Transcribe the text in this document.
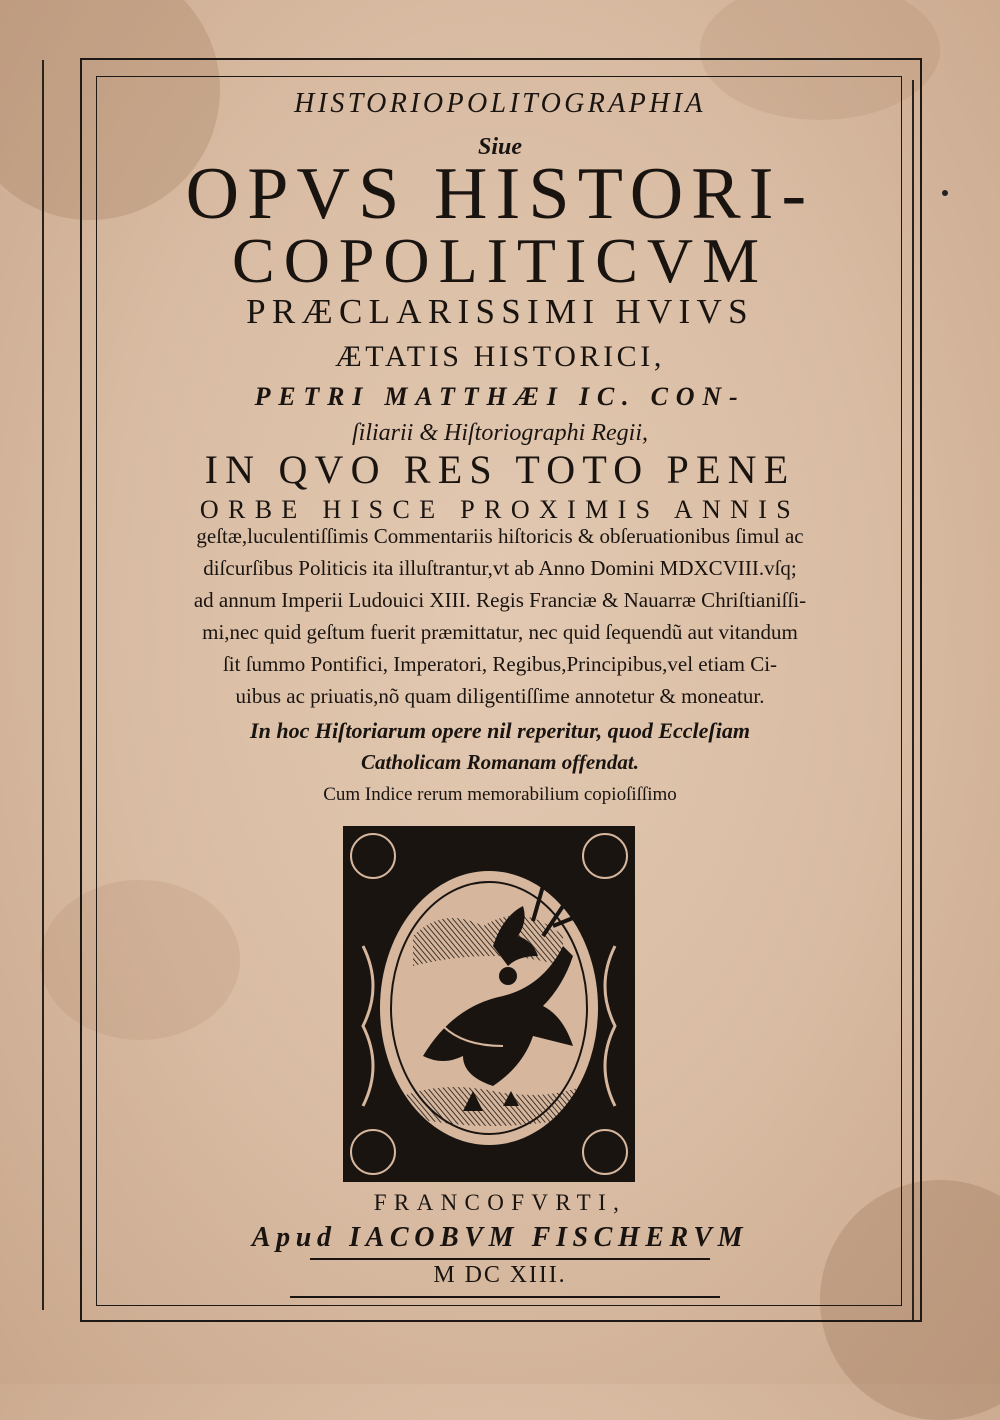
HISTORIOPOLITOGRAPHIA
Siue
OPVS HISTORI-
COPOLITICVM
PRÆCLARISSIMI HVIVS
ÆTATIS HISTORICI,
PETRI MATTHÆI IC. CON-
ſiliarii & Hiſtoriographi Regii,
IN QVO RES TOTO PENE
ORBE HISCE PROXIMIS ANNIS
geſtæ,luculentiſſimis Commentariis hiſtoricis & obſeruationibus ſimul ac
diſcurſibus Politicis ita illuſtrantur,vt ab Anno Domini MDXCVIII.vſq;
ad annum Imperii Ludouici XIII. Regis Franciæ & Nauarræ Chriſtianiſſi-
mi,nec quid geſtum fuerit præmittatur, nec quid ſequendũ aut vitandum
ſit ſummo Pontifici, Imperatori, Regibus,Principibus,vel etiam Ci-
uibus ac priuatis,nõ quam diligentiſſime annotetur & moneatur.
In hoc Hiſtoriarum opere nil reperitur, quod Eccleſiam
Catholicam Romanam offendat.
Cum Indice rerum memorabilium copioſiſſimo
FRANCOFVRTI,
Apud IACOBVM FISCHERVM
M DC XIII.
